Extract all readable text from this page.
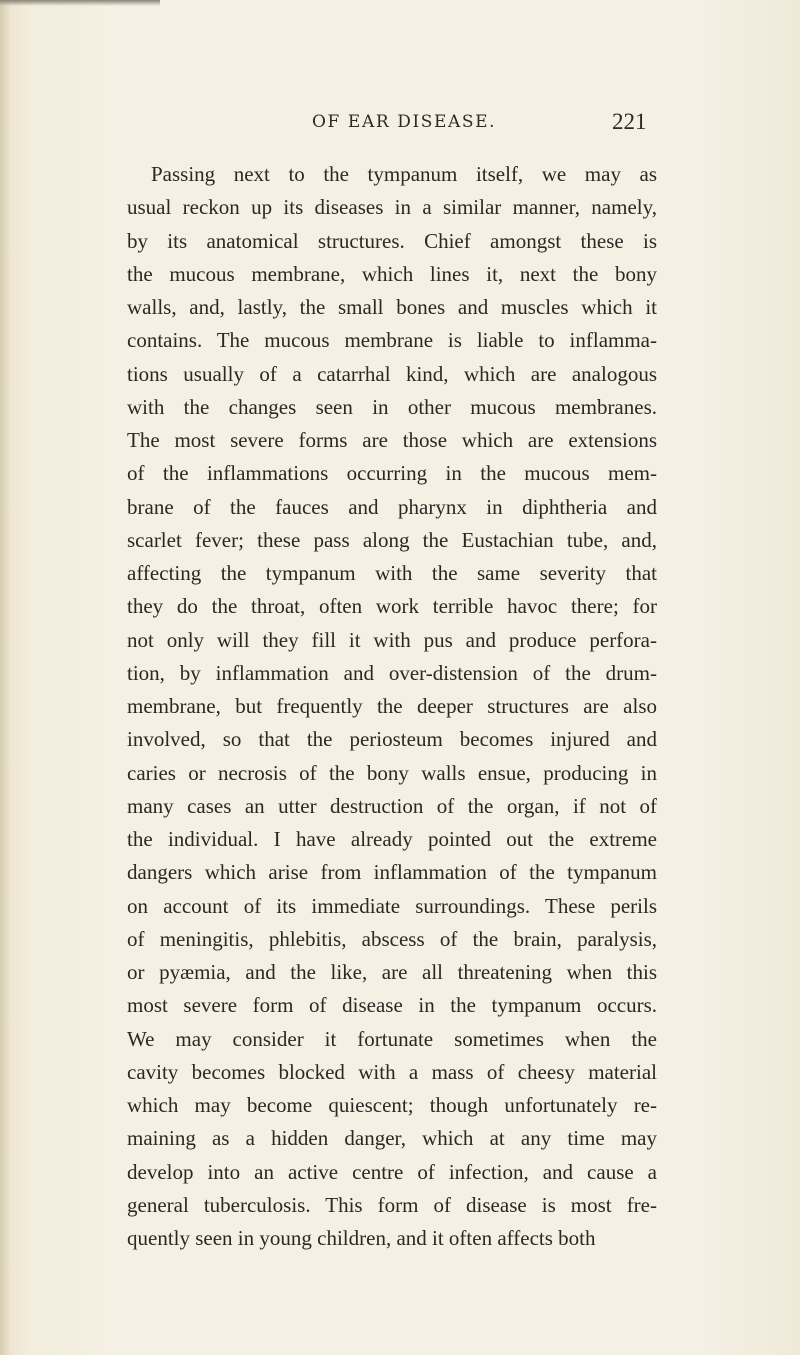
OF EAR DISEASE.	221
Passing next to the tympanum itself, we may as
usual reckon up its diseases in a similar manner, namely,
by its anatomical structures. Chief amongst these is
the mucous membrane, which lines it, next the bony
walls, and, lastly, the small bones and muscles which it
contains. The mucous membrane is liable to inflamma-
tions usually of a catarrhal kind, which are analogous
with the changes seen in other mucous membranes.
The most severe forms are those which are extensions
of the inflammations occurring in the mucous mem-
brane of the fauces and pharynx in diphtheria and
scarlet fever; these pass along the Eustachian tube, and,
affecting the tympanum with the same severity that
they do the throat, often work terrible havoc there; for
not only will they fill it with pus and produce perfora-
tion, by inflammation and over-distension of the drum-
membrane, but frequently the deeper structures are also
involved, so that the periosteum becomes injured and
caries or necrosis of the bony walls ensue, producing in
many cases an utter destruction of the organ, if not of
the individual. I have already pointed out the extreme
dangers which arise from inflammation of the tympanum
on account of its immediate surroundings. These perils
of meningitis, phlebitis, abscess of the brain, paralysis,
or pyæmia, and the like, are all threatening when this
most severe form of disease in the tympanum occurs.
We may consider it fortunate sometimes when the
cavity becomes blocked with a mass of cheesy material
which may become quiescent; though unfortunately re-
maining as a hidden danger, which at any time may
develop into an active centre of infection, and cause a
general tuberculosis. This form of disease is most fre-
quently seen in young children, and it often affects both
